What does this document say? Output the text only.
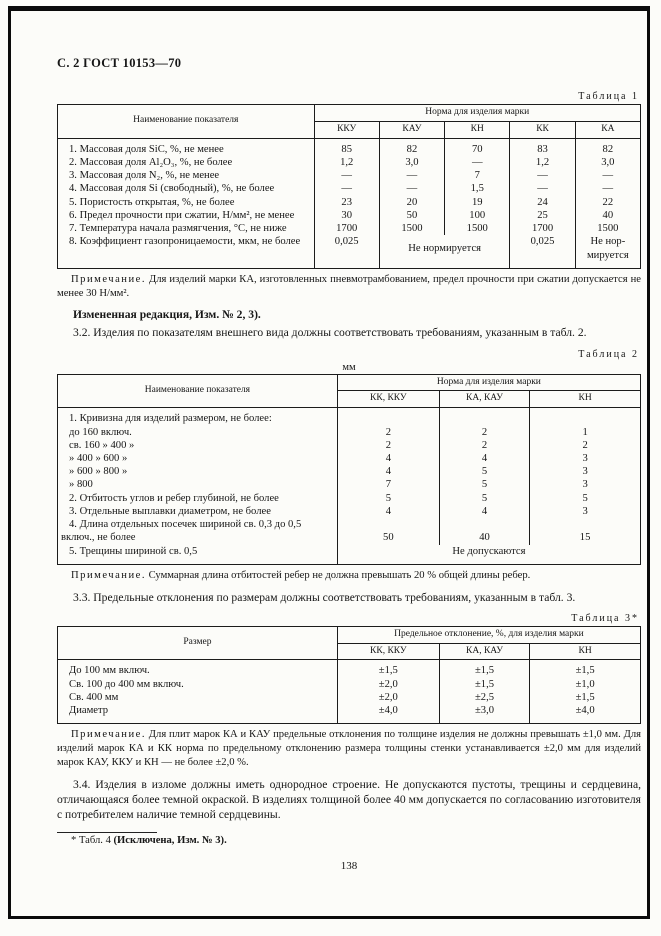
С. 2 ГОСТ 10153—70
Таблица 1
Наименование показателя	Норма для изделия марки				
	ККУ	КАУ	КН	КК	КА
1. Массовая доля SiC, %, не менее	85	82	70	83	82
2. Массовая доля Al₂O₃, %, не более	1,2	3,0	—	1,2	3,0
3. Массовая доля N₂, %, не менее	—	—	7	—	—
4. Массовая доля Si (свободный), %, не более	—	—	1,5	—	—
5. Пористость открытая, %, не более	23	20	19	24	22
6. Предел прочности при сжатии, Н/мм², не менее	30	50	100	25	40
7. Температура начала размягчения, °С, не ниже	1700	1500	1500	1700	1500
8. Коэффициент газопроницаемости, мкм, не более	0,025	Не нормируется		0,025	Не нор-мируется

Примечание. Для изделий марки КА, изготовленных пневмотрамбованием, предел прочности при сжатии допускается не менее 30 Н/мм².

Измененная редакция, Изм. № 2, 3).

3.2. Изделия по показателям внешнего вида должны соответствовать требованиям, указанным в табл. 2.

Таблица 2
мм
Наименование показателя	Норма для изделия марки		
	КК, ККУ	КА, КАУ	КН
1. Кривизна для изделий размером, не более:			
до 160 включ.	2	2	1
св. 160 » 400 »	2	2	2
» 400 » 600 »	4	4	3
» 600 » 800 »	4	5	3
» 800	7	5	3
2. Отбитость углов и ребер глубиной, не более	5	5	5
3. Отдельные выплавки диаметром, не более	4	4	3
4. Длина отдельных посечек шириной св. 0,3 до 0,5 включ., не более	50	40	15
5. Трещины шириной св. 0,5	Не допускаются		

Примечание. Суммарная длина отбитостей ребер не должна превышать 20 % общей длины ребер.

3.3. Предельные отклонения по размерам должны соответствовать требованиям, указанным в табл. 3.

Таблица 3*
Размер	Предельное отклонение, %, для изделия марки		
	КК, ККУ	КА, КАУ	КН
До 100 мм включ.	±1,5	±1,5	±1,5
Св. 100 до 400 мм включ.	±2,0	±1,5	±1,0
Св. 400 мм	±2,0	±2,5	±1,5
Диаметр	±4,0	±3,0	±4,0

Примечание. Для плит марок КА и КАУ предельные отклонения по толщине изделия не должны превышать ±1,0 мм. Для изделий марок КА и КК норма по предельному отклонению размера толщины стенки устанавливается ±2,0 мм для изделий марок КАУ, ККУ и КН — не более ±2,0 %.

3.4. Изделия в изломе должны иметь однородное строение. Не допускаются пустоты, трещины и сердцевина, отличающаяся более темной окраской. В изделиях толщиной более 40 мм допускается по согласованию изготовителя с потребителем наличие темной сердцевины.

* Табл. 4 (Исключена, Изм. № 3).

138
